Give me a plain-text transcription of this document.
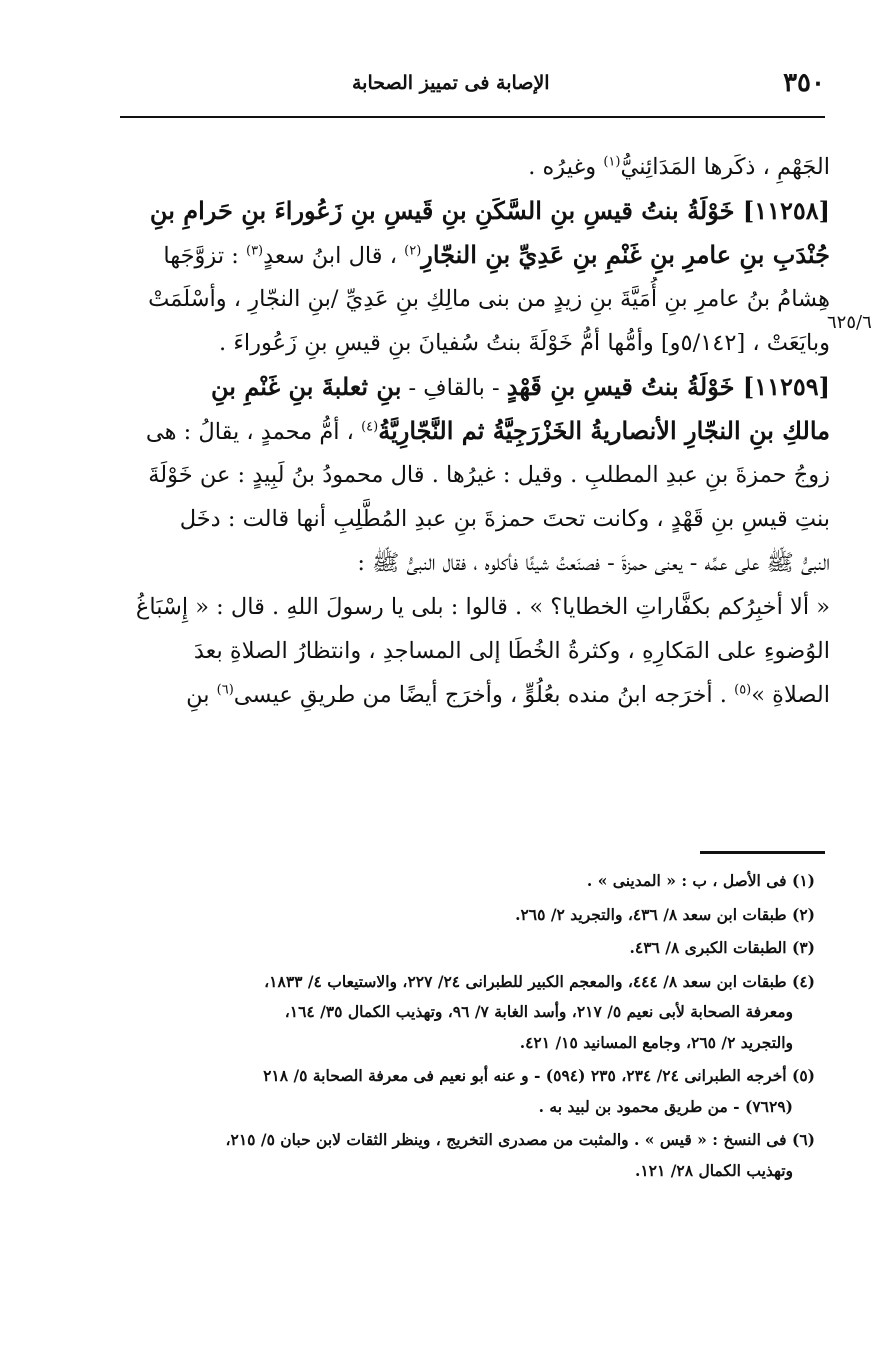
٣٥٠
الإصابة فى تمييز الصحابة
٦٢٥/٦
الجَهْمِ ، ذكَرها المَدَائِنيُّ$^{(١)}$ وغيرُه .
[١١٢٥٨] خَوْلَةُ بنتُ قيسِ بنِ السَّكَنِ بنِ قَيسِ بنِ زَعُوراءَ بنِ حَرامِ بنِ
جُنْدَبِ بنِ عامرِ بنِ غَنْمِ بنِ عَدِيِّ بنِ النجّارِ$^{(٢)}$ ، قال ابنُ سعدٍ$^{(٣)}$ : تزوَّجَها
هِشامُ بنُ عامرِ بنِ أُمَيَّةَ بنِ زيدٍ من بنى مالِكِ بنِ عَدِيِّ /بنِ النجّارِ ، وأسْلَمَتْ
وبايَعَتْ ، [٥/١٤٢و] وأمُّها أمُّ خَوْلَةَ بنتُ سُفيانَ بنِ قيسِ بنِ زَعُوراءَ .
[١١٢٥٩] خَوْلَةُ بنتُ قيسِ بنِ قَهْدٍ - بالقافِ - بنِ ثعلبةَ بنِ غَنْمِ بنِ
مالكِ بنِ النجّارِ الأنصاريةُ الخَزْرَجِيَّةُ ثم النَّجّارِيَّةُ$^{(٤)}$ ، أمُّ محمدٍ ، يقالُ : هى
زوجُ حمزةَ بنِ عبدِ المطلبِ . وقيل : غيرُها . قال محمودُ بنُ لَبِيدٍ : عن خَوْلَةَ
بنتِ قيسِ بنِ قَهْدٍ ، وكانت تحتَ حمزةَ بنِ عبدِ المُطَّلِبِ أنها قالت : دخَل
النبىُّ ﷺ على عمِّه - يعنى حمزةَ - فصنَعتُ شيئًا فأكلوه ، فقال النبىُّ ﷺ :
« ألا أخبِرُكم بكفَّاراتِ الخطايا؟ » . قالوا : بلى يا رسولَ اللهِ . قال : « إِسْبَاغُ
الوُضوءِ على المَكارِهِ ، وكثرةُ الخُطَا إلى المساجدِ ، وانتظارُ الصلاةِ بعدَ
الصلاةِ »$^{(٥)}$ . أخرَجه ابنُ منده بعُلُوٍّ ، وأخرَج أيضًا من طريقِ عيسى$^{(٦)}$ بنِ
(١) فى الأصل ، ب : « المدينى » .
(٢) طبقات ابن سعد ٨/ ٤٣٦، والتجريد ٢/ ٢٦٥.
(٣) الطبقات الكبرى ٨/ ٤٣٦.
(٤) طبقات ابن سعد ٨/ ٤٤٤، والمعجم الكبير للطبرانى ٢٤/ ٢٢٧، والاستيعاب ٤/ ١٨٣٣،
ومعرفة الصحابة لأبى نعيم ٥/ ٢١٧، وأسد الغابة ٧/ ٩٦، وتهذيب الكمال ٣٥/ ١٦٤،
والتجريد ٢/ ٢٦٥، وجامع المسانيد ١٥/ ٤٢١.
(٥) أخرجه الطبرانى ٢٤/ ٢٣٤، ٢٣٥ (٥٩٤) - و عنه أبو نعيم فى معرفة الصحابة ٥/ ٢١٨
(٧٦٢٩) - من طريق محمود بن لبيد به .
(٦) فى النسخ : « قيس » . والمثبت من مصدرى التخريج ، وينظر الثقات لابن حبان ٥/ ٢١٥،
وتهذيب الكمال ٢٨/ ١٢١.
